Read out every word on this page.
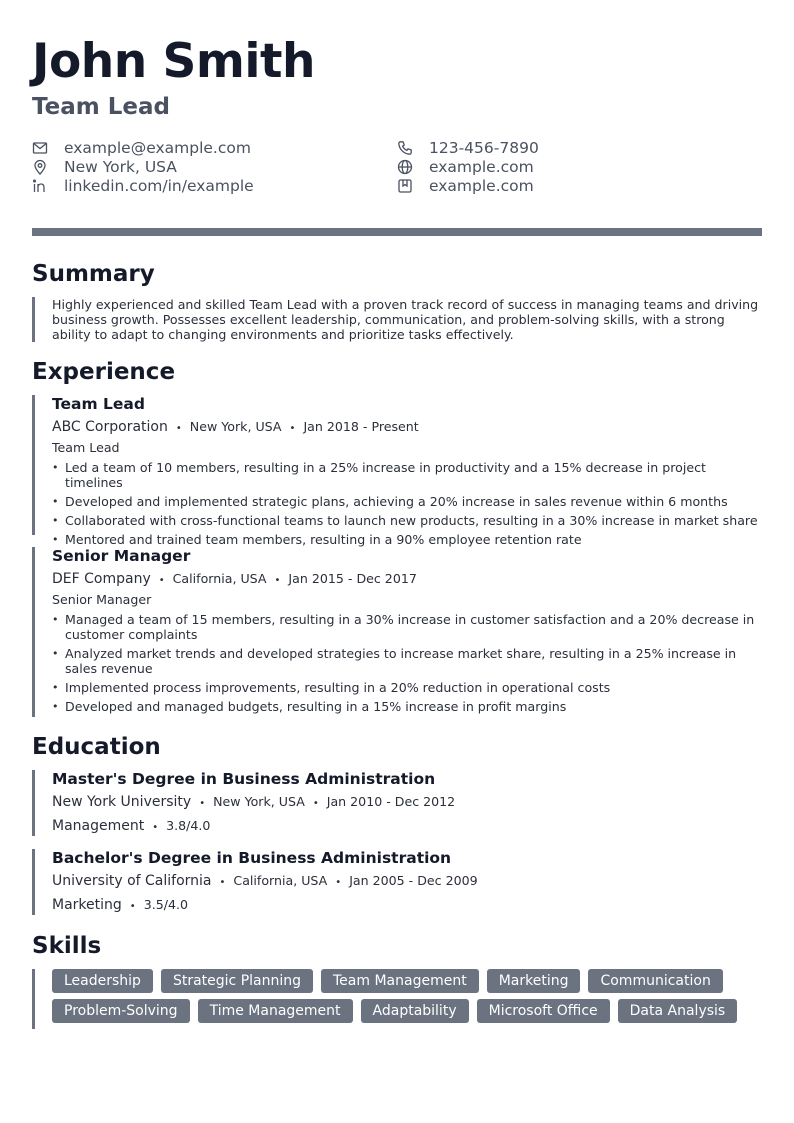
John Smith
Team Lead
example@example.com
New York, USA
linkedin.com/in/example
123-456-7890
example.com
example.com
Summary
Highly experienced and skilled Team Lead with a proven track record of success in managing teams and driving business growth. Possesses excellent leadership, communication, and problem-solving skills, with a strong ability to adapt to changing environments and prioritize tasks effectively.
Experience
Team Lead
ABC Corporation • New York, USA • Jan 2018 - Present
Team Lead
• Led a team of 10 members, resulting in a 25% increase in productivity and a 15% decrease in project timelines
• Developed and implemented strategic plans, achieving a 20% increase in sales revenue within 6 months
• Collaborated with cross-functional teams to launch new products, resulting in a 30% increase in market share
• Mentored and trained team members, resulting in a 90% employee retention rate
Senior Manager
DEF Company • California, USA • Jan 2015 - Dec 2017
Senior Manager
• Managed a team of 15 members, resulting in a 30% increase in customer satisfaction and a 20% decrease in customer complaints
• Analyzed market trends and developed strategies to increase market share, resulting in a 25% increase in sales revenue
• Implemented process improvements, resulting in a 20% reduction in operational costs
• Developed and managed budgets, resulting in a 15% increase in profit margins
Education
Master's Degree in Business Administration
New York University • New York, USA • Jan 2010 - Dec 2012
Management • 3.8/4.0
Bachelor's Degree in Business Administration
University of California • California, USA • Jan 2005 - Dec 2009
Marketing • 3.5/4.0
Skills
Leadership	Strategic Planning	Team Management	Marketing	Communication
Problem-Solving	Time Management	Adaptability	Microsoft Office	Data Analysis
